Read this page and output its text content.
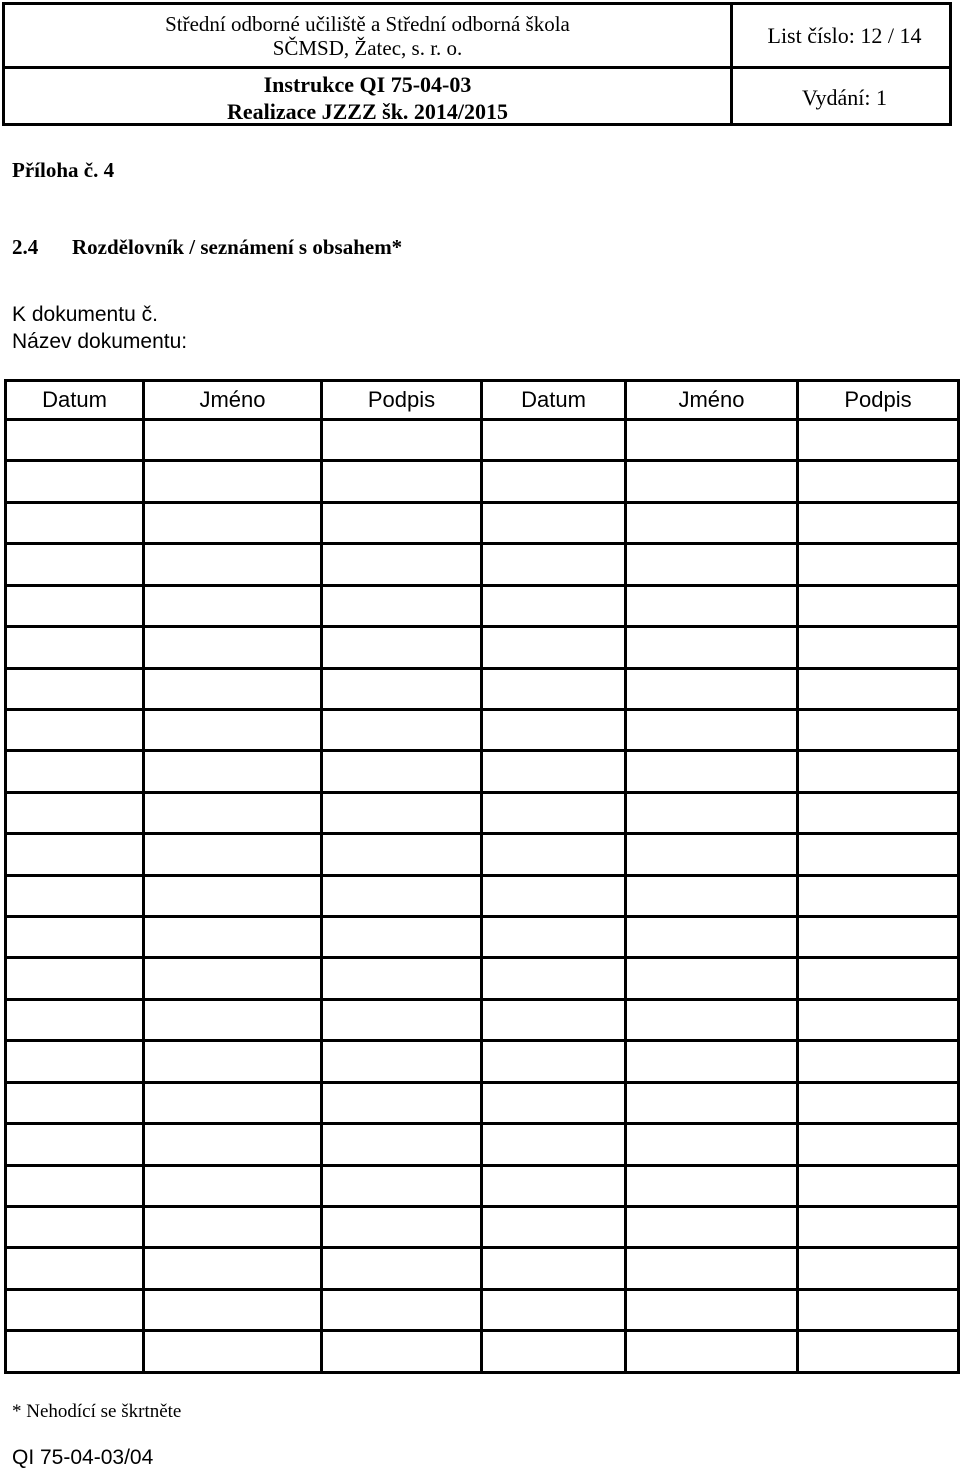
Střední odborné učiliště a Střední odborná škola
SČMSD, Žatec, s. r. o.
Instrukce QI 75-04-03
Realizace JZZZ šk. 2014/2015
List číslo: 12 / 14
Vydání: 1
Příloha č. 4
2.4 Rozdělovník / seznámení s obsahem*
K dokumentu č.
Název dokumentu:
Datum	Jméno	Podpis	Datum	Jméno	Podpis

* Nehodící se škrtněte
QI 75-04-03/04
